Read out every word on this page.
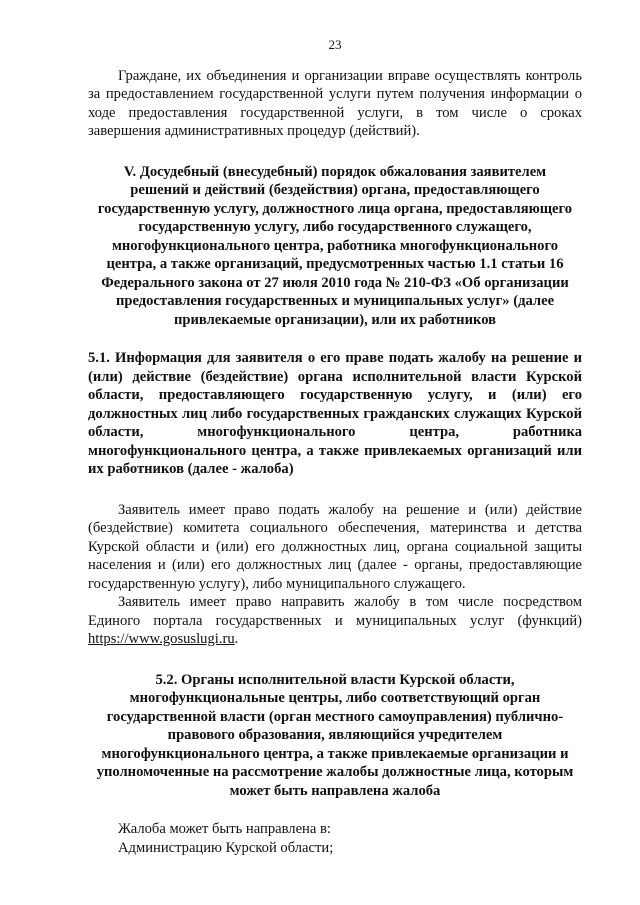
23

Граждане, их объединения и организации вправе осуществлять контроль за предоставлением государственной услуги путем получения информации о ходе предоставления государственной услуги, в том числе о сроках завершения административных процедур (действий).

V. Досудебный (внесудебный) порядок обжалования заявителем решений и действий (бездействия) органа, предоставляющего государственную услугу, должностного лица органа, предоставляющего государственную услугу, либо государственного служащего, многофункционального центра, работника многофункционального центра, а также организаций, предусмотренных частью 1.1 статьи 16 Федерального закона от 27 июля 2010 года № 210-ФЗ «Об организации предоставления государственных и муниципальных услуг» (далее привлекаемые организации), или их работников

5.1. Информация для заявителя о его праве подать жалобу на решение и (или) действие (бездействие) органа исполнительной власти Курской области, предоставляющего государственную услугу, и (или) его должностных лиц либо государственных гражданских служащих Курской области, многофункционального центра, работника многофункционального центра, а также привлекаемых организаций или их работников (далее - жалоба)

Заявитель имеет право подать жалобу на решение и (или) действие (бездействие) комитета социального обеспечения, материнства и детства Курской области и (или) его должностных лиц, органа социальной защиты населения и (или) его должностных лиц (далее - органы, предоставляющие государственную услугу), либо муниципального служащего.

Заявитель имеет право направить жалобу в том числе посредством Единого портала государственных и муниципальных услуг (функций) https://www.gosuslugi.ru.

5.2. Органы исполнительной власти Курской области, многофункциональные центры, либо соответствующий орган государственной власти (орган местного самоуправления) публично-правового образования, являющийся учредителем многофункционального центра, а также привлекаемые организации и уполномоченные на рассмотрение жалобы должностные лица, которым может быть направлена жалоба

Жалоба может быть направлена в:

Администрацию Курской области;
